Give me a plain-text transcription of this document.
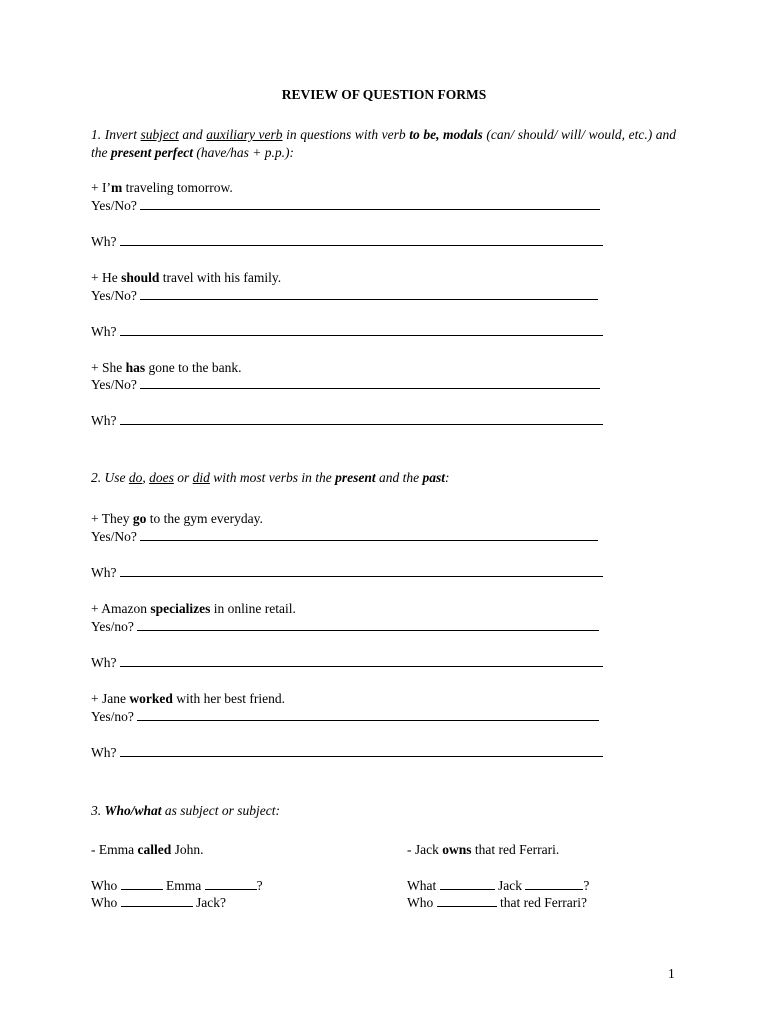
REVIEW OF QUESTION FORMS
1. Invert subject and auxiliary verb in questions with verb to be, modals (can/ should/ will/ would, etc.) and the present perfect (have/has + p.p.):
+ I’m traveling tomorrow.
Yes/No?
Wh?
+ He should travel with his family.
Yes/No?
Wh?
+ She has gone to the bank.
Yes/No?
Wh?
2. Use do, does or did with most verbs in the present and the past:
+ They go to the gym everyday.
Yes/No?
Wh?
+ Amazon specializes in online retail.
Yes/no?
Wh?
+ Jane worked with her best friend.
Yes/no?
Wh?
3. Who/what as subject or subject:
- Emma called John.
Who	Emma	?
Who	Jack?
- Jack owns that red Ferrari.
What	Jack	?
Who	that red Ferrari?
1
